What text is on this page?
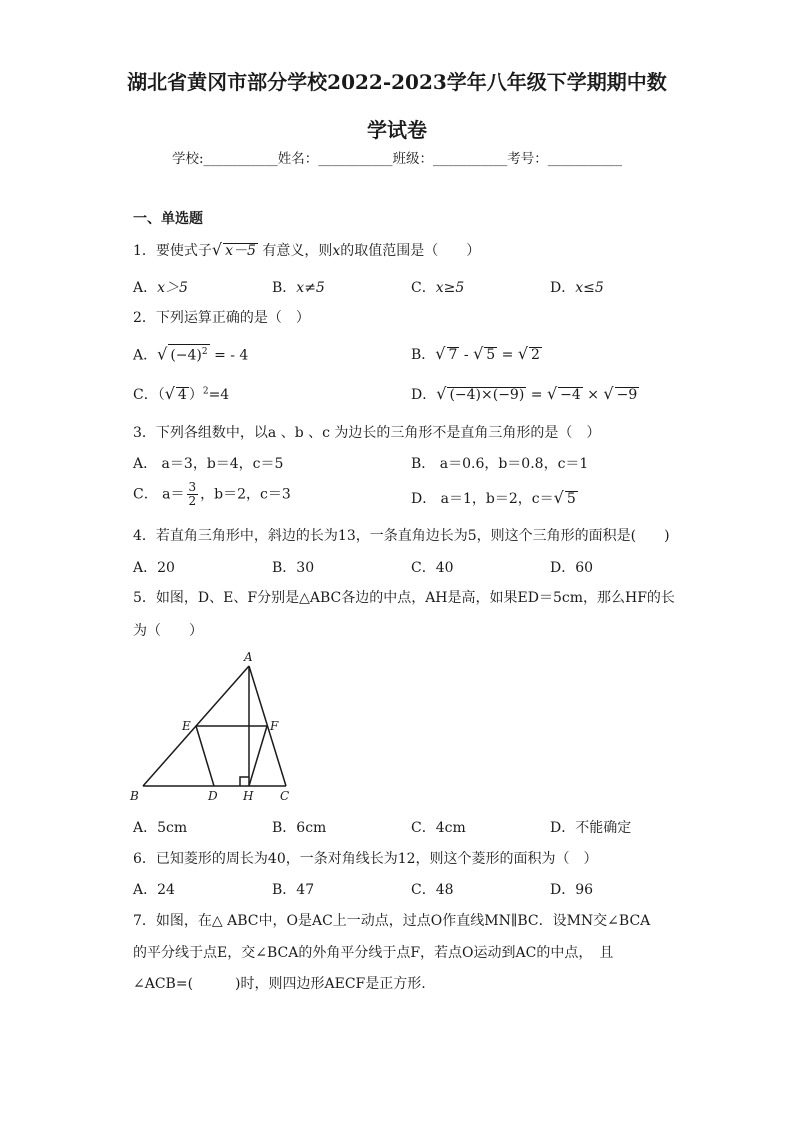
湖北省黄冈市部分学校2022-2023学年八年级下学期期中数
学试卷
学校:___________姓名：___________班级：___________考号：___________
一、单选题
1．要使式子√ x－5 有意义，则x的取值范围是（　　）
A．x＞5	B．x≠5	C．x≥5	D．x≤5
2．下列运算正确的是（　）
A．√ $(-4)^2$ = ‐ 4	B．√ 7 ‐ √ 5 = √ 2
C．（√ 4 ）$^2$=4	D．√ (−4)×(−9) = √ −4 × √ −9
3．下列各组数中，以a 、b 、c 为边长的三角形不是直角三角形的是（　）
A． a＝3，b＝4，c＝5	B． a＝0.6，b＝0.8，c＝1
C． $a= \frac{3}{2}$ ，b＝2，c＝3	D． a＝1，b＝2，c＝√ 5
4．若直角三角形中，斜边的长为13，一条直角边长为5，则这个三角形的面积是(　　)
A．20	B．30	C．40	D．60
5．如图，D、E、F分别是△ABC各边的中点，AH是高，如果ED＝5cm，那么HF的长
为（　　）
A
B	C
D
E	F
H
A．5cm	B．6cm	C．4cm	D．不能确定
6．已知菱形的周长为40，一条对角线长为12，则这个菱形的面积为（　）
A．24	B．47	C．48	D．96
7．如图，在△ ABC中，O是AC上一动点，过点O作直线MN∥BC．设MN交∠BCA
的平分线于点E，交∠BCA的外角平分线于点F，若点O运动到AC的中点，　且
∠ACB=(　　　)时，则四边形AECF是正方形.
